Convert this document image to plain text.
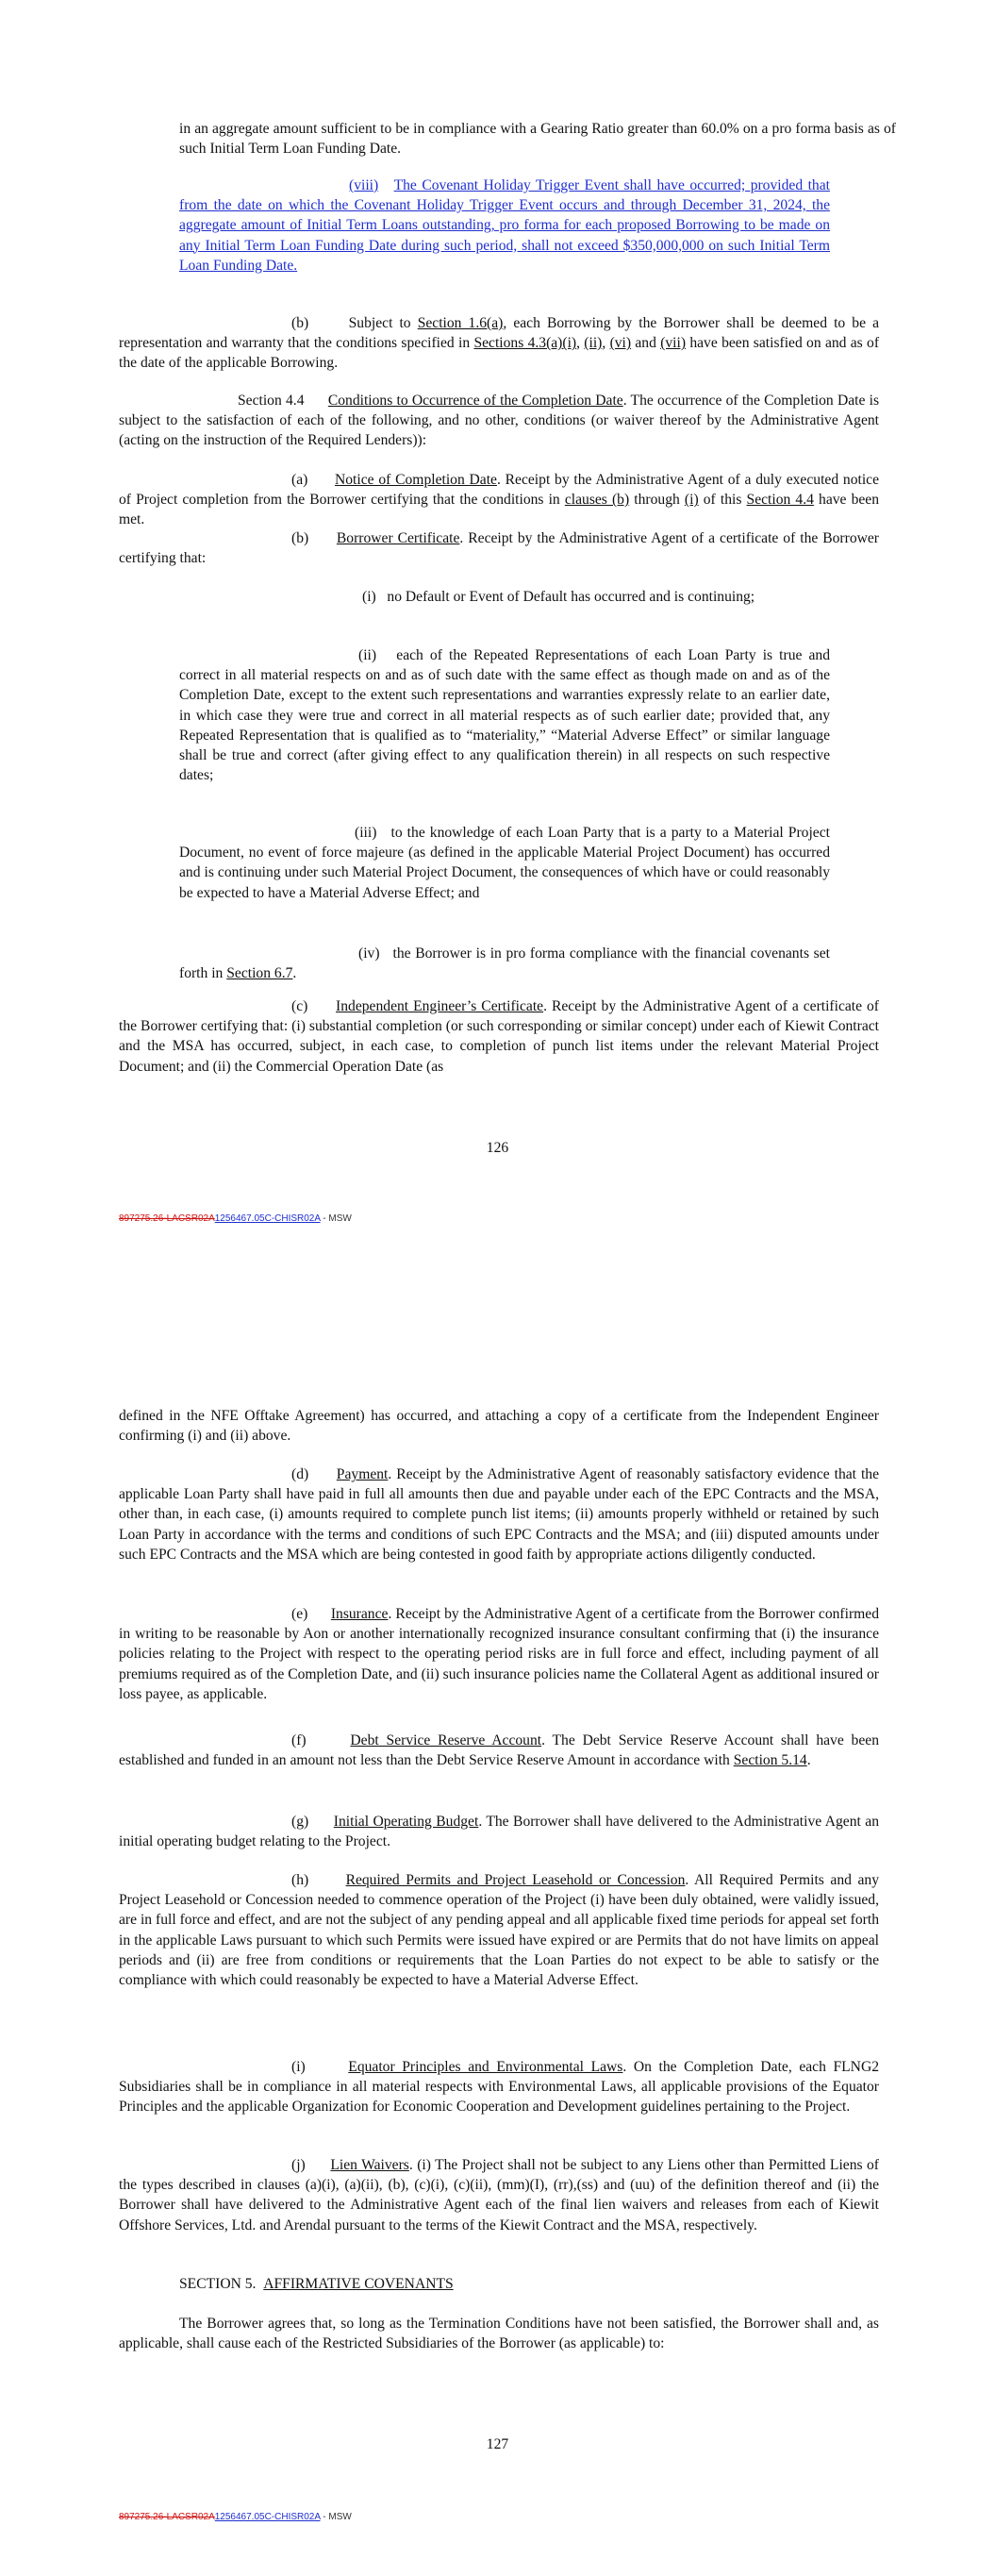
in an aggregate amount sufficient to be in compliance with a Gearing Ratio greater than 60.0% on a pro forma basis as of such Initial Term Loan Funding Date.

(viii) The Covenant Holiday Trigger Event shall have occurred; provided that from the date on which the Covenant Holiday Trigger Event occurs and through December 31, 2024, the aggregate amount of Initial Term Loans outstanding, pro forma for each proposed Borrowing to be made on any Initial Term Loan Funding Date during such period, shall not exceed $350,000,000 on such Initial Term Loan Funding Date.

(b)	Subject to Section 1.6(a), each Borrowing by the Borrower shall be deemed to be a representation and warranty that the conditions specified in Sections 4.3(a)(i), (ii), (vi) and (vii) have been satisfied on and as of the date of the applicable Borrowing.

Section 4.4 Conditions to Occurrence of the Completion Date. The occurrence of the Completion Date is subject to the satisfaction of each of the following, and no other, conditions (or waiver thereof by the Administrative Agent (acting on the instruction of the Required Lenders)):

(a) Notice of Completion Date. Receipt by the Administrative Agent of a duly executed notice of Project completion from the Borrower certifying that the conditions in clauses (b) through (i) of this Section 4.4 have been met.

(b) Borrower Certificate. Receipt by the Administrative Agent of a certificate of the Borrower certifying that:

(i) no Default or Event of Default has occurred and is continuing;

(ii) each of the Repeated Representations of each Loan Party is true and correct in all material respects on and as of such date with the same effect as though made on and as of the Completion Date, except to the extent such representations and warranties expressly relate to an earlier date, in which case they were true and correct in all material respects as of such earlier date; provided that, any Repeated Representation that is qualified as to “materiality,” “Material Adverse Effect” or similar language shall be true and correct (after giving effect to any qualification therein) in all respects on such respective dates;

(iii) to the knowledge of each Loan Party that is a party to a Material Project Document, no event of force majeure (as defined in the applicable Material Project Document) has occurred and is continuing under such Material Project Document, the consequences of which have or could reasonably be expected to have a Material Adverse Effect; and

(iv) the Borrower is in pro forma compliance with the financial covenants set forth in Section 6.7.

(c) Independent Engineer’s Certificate. Receipt by the Administrative Agent of a certificate of the Borrower certifying that: (i) substantial completion (or such corresponding or similar concept) under each of Kiewit Contract and the MSA has occurred, subject, in each case, to completion of punch list items under the relevant Material Project Document; and (ii) the Commercial Operation Date (as

126
897275.26-LACSR02A1256467.05C-CHISR02A - MSW

defined in the NFE Offtake Agreement) has occurred, and attaching a copy of a certificate from the Independent Engineer confirming (i) and (ii) above.

(d) Payment. Receipt by the Administrative Agent of reasonably satisfactory evidence that the applicable Loan Party shall have paid in full all amounts then due and payable under each of the EPC Contracts and the MSA, other than, in each case, (i) amounts required to complete punch list items; (ii) amounts properly withheld or retained by such Loan Party in accordance with the terms and conditions of such EPC Contracts and the MSA; and (iii) disputed amounts under such EPC Contracts and the MSA which are being contested in good faith by appropriate actions diligently conducted.

(e) Insurance. Receipt by the Administrative Agent of a certificate from the Borrower confirmed in writing to be reasonable by Aon or another internationally recognized insurance consultant confirming that (i) the insurance policies relating to the Project with respect to the operating period risks are in full force and effect, including payment of all premiums required as of the Completion Date, and (ii) such insurance policies name the Collateral Agent as additional insured or loss payee, as applicable.

(f)	Debt Service Reserve Account. The Debt Service Reserve Account shall have been established and funded in an amount not less than the Debt Service Reserve Amount in accordance with Section 5.14.

(g) Initial Operating Budget. The Borrower shall have delivered to the Administrative Agent an initial operating budget relating to the Project.

(h)	Required Permits and Project Leasehold or Concession. All Required Permits and any Project Leasehold or Concession needed to commence operation of the Project (i) have been duly obtained, were validly issued, are in full force and effect, and are not the subject of any pending appeal and all applicable fixed time periods for appeal set forth in the applicable Laws pursuant to which such Permits were issued have expired or are Permits that do not have limits on appeal periods and (ii) are free from conditions or requirements that the Loan Parties do not expect to be able to satisfy or the compliance with which could reasonably be expected to have a Material Adverse Effect.

(i)	Equator Principles and Environmental Laws. On the Completion Date, each FLNG2 Subsidiaries shall be in compliance in all material respects with Environmental Laws, all applicable provisions of the Equator Principles and the applicable Organization for Economic Cooperation and Development guidelines pertaining to the Project.

(j) Lien Waivers. (i) The Project shall not be subject to any Liens other than Permitted Liens of the types described in clauses (a)(i), (a)(ii), (b), (c)(i), (c)(ii), (mm)(I), (rr),(ss) and (uu) of the definition thereof and (ii) the Borrower shall have delivered to the Administrative Agent each of the final lien waivers and releases from each of Kiewit Offshore Services, Ltd. and Arendal pursuant to the terms of the Kiewit Contract and the MSA, respectively.

SECTION 5. AFFIRMATIVE COVENANTS

The Borrower agrees that, so long as the Termination Conditions have not been satisfied, the Borrower shall and, as applicable, shall cause each of the Restricted Subsidiaries of the Borrower (as applicable) to:

127
897275.26-LACSR02A1256467.05C-CHISR02A - MSW
